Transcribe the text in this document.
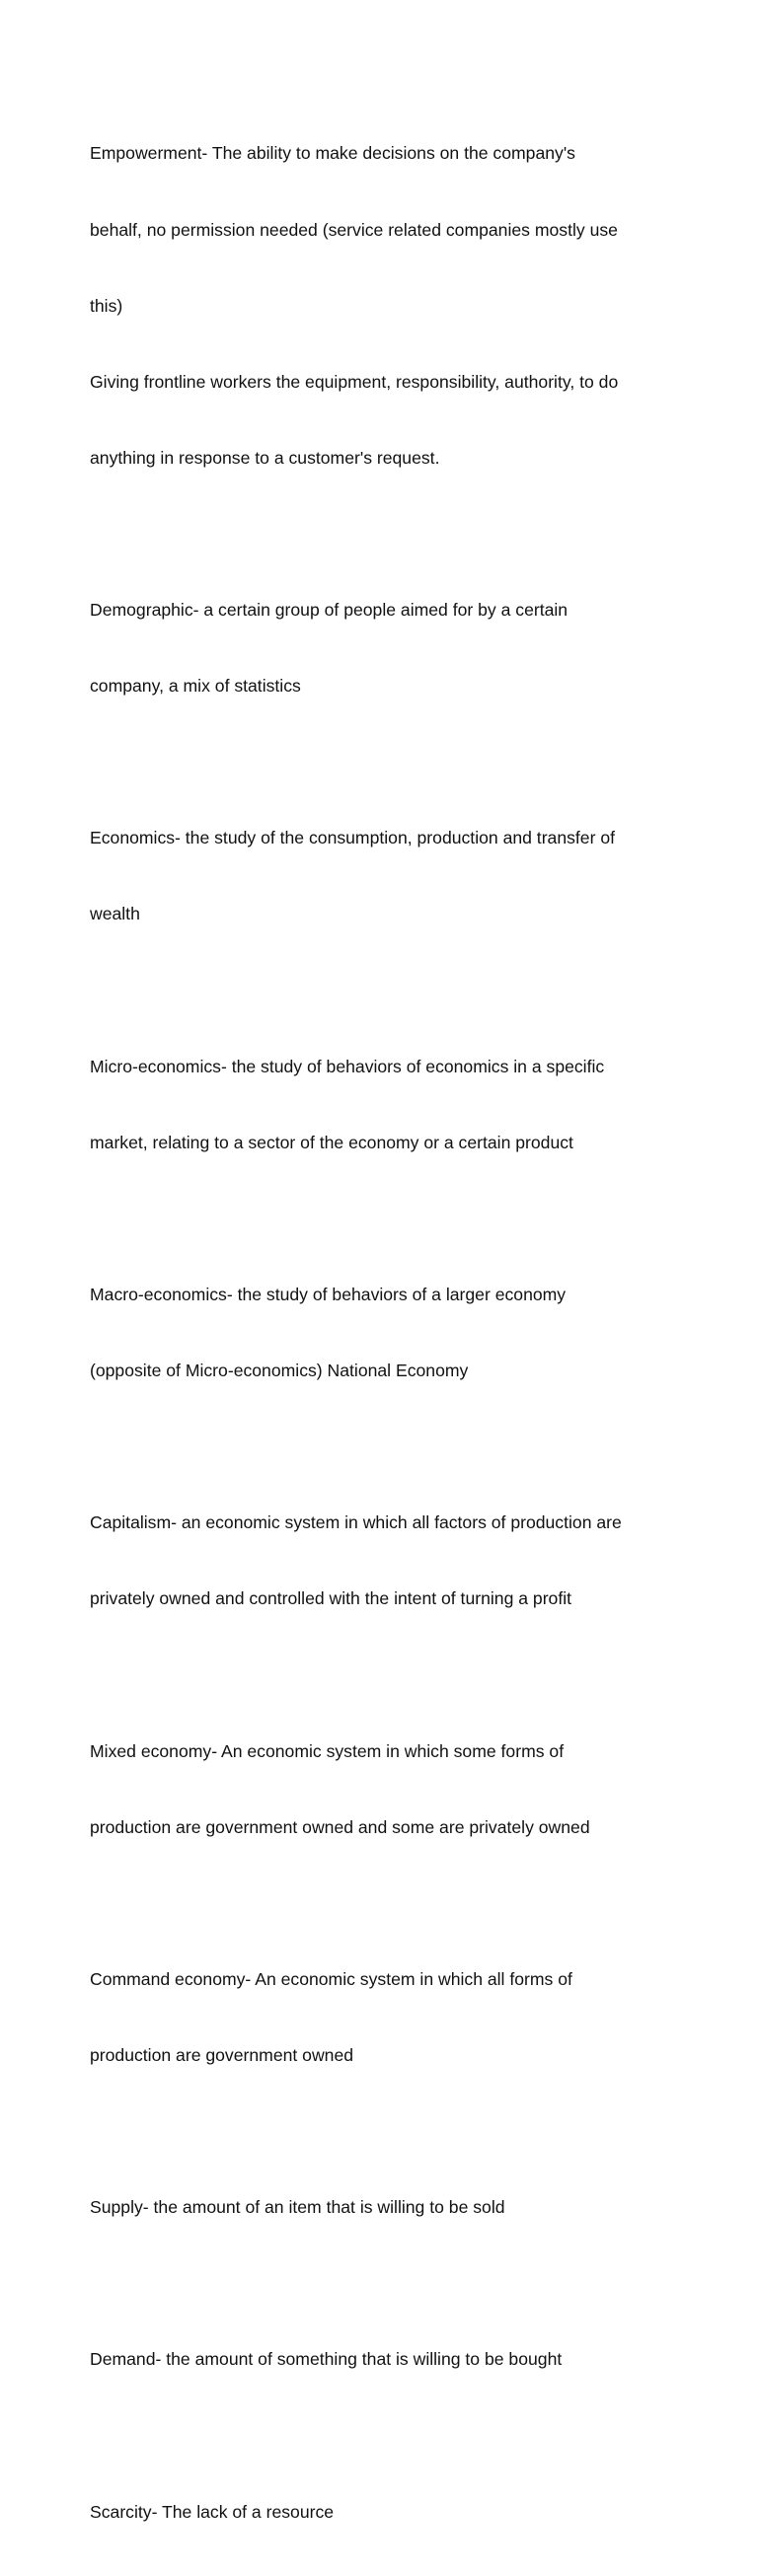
Empowerment- The ability to make decisions on the company's

behalf, no permission needed (service related companies mostly use

this)

Giving frontline workers the equipment, responsibility, authority, to do

anything in response to a customer's request.

Demographic- a certain group of people aimed for by a certain

company, a mix of statistics

Economics- the study of the consumption, production and transfer of

wealth

Micro-economics- the study of behaviors of economics in a specific

market, relating to a sector of the economy or a certain product

Macro-economics- the study of behaviors of a larger economy

(opposite of Micro-economics) National Economy

Capitalism- an economic system in which all factors of production are

privately owned and controlled with the intent of turning a profit

Mixed economy- An economic system in which some forms of

production are government owned and some are privately owned

Command economy- An economic system in which all forms of

production are government owned

Supply- the amount of an item that is willing to be sold

Demand- the amount of something that is willing to be bought

Scarcity- The lack of a resource
